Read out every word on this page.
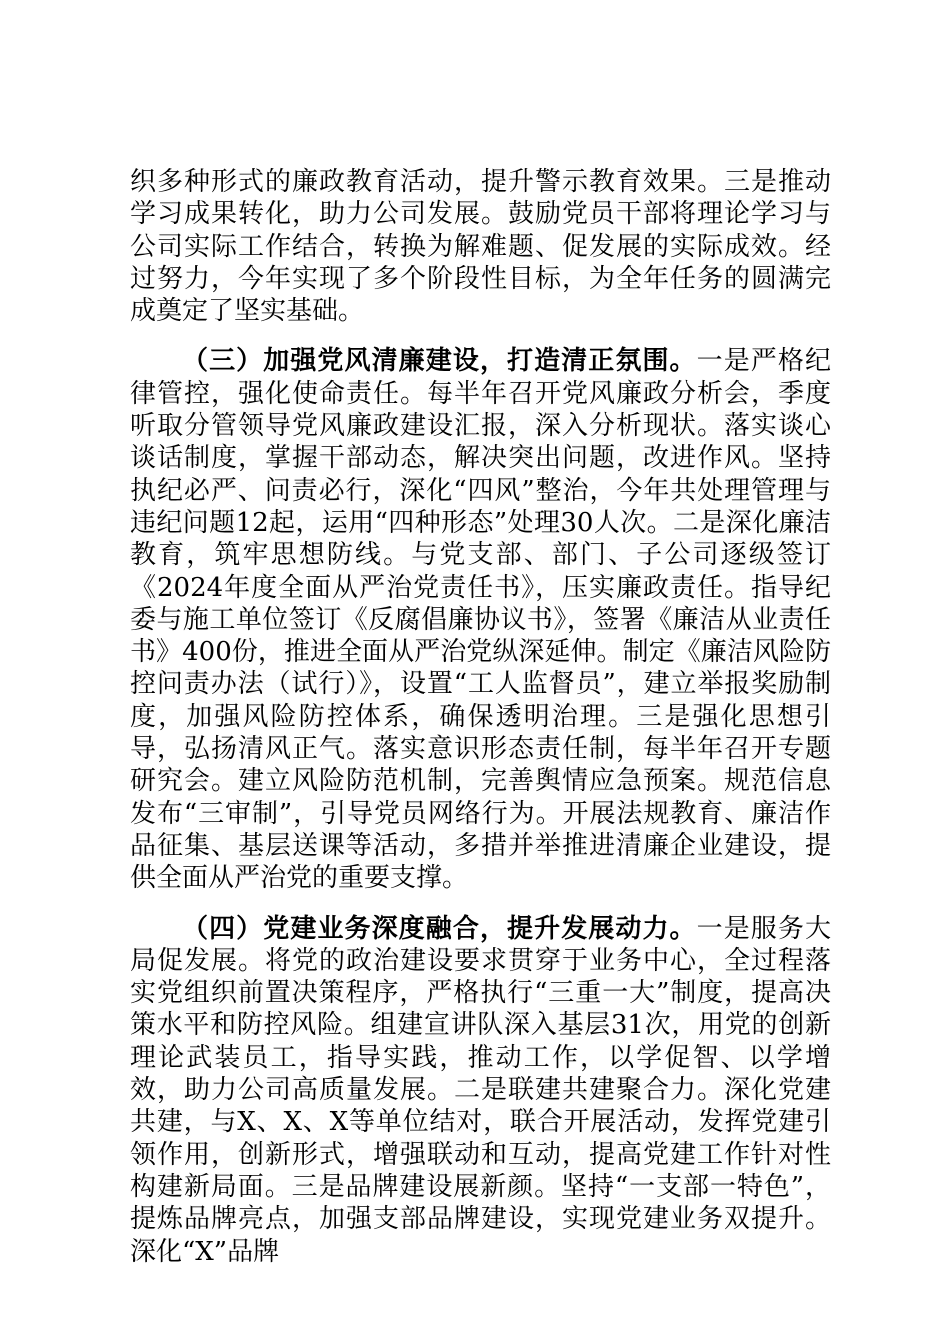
织多种形式的廉政教育活动，提升警示教育效果。三是推动学习成果转化，助力公司发展。鼓励党员干部将理论学习与公司实际工作结合，转换为解难题、促发展的实际成效。经过努力，今年实现了多个阶段性目标，为全年任务的圆满完成奠定了坚实基础。

（三）加强党风清廉建设，打造清正氛围。一是严格纪律管控，强化使命责任。每半年召开党风廉政分析会，季度听取分管领导党风廉政建设汇报，深入分析现状。落实谈心谈话制度，掌握干部动态，解决突出问题，改进作风。坚持执纪必严、问责必行，深化“四风”整治，今年共处理管理与违纪问题12起，运用“四种形态”处理30人次。二是深化廉洁教育，筑牢思想防线。与党支部、部门、子公司逐级签订《2024年度全面从严治党责任书》，压实廉政责任。指导纪委与施工单位签订《反腐倡廉协议书》，签署《廉洁从业责任书》400份，推进全面从严治党纵深延伸。制定《廉洁风险防控问责办法（试行）》，设置“工人监督员”，建立举报奖励制度，加强风险防控体系，确保透明治理。三是强化思想引导，弘扬清风正气。落实意识形态责任制，每半年召开专题研究会。建立风险防范机制，完善舆情应急预案。规范信息发布“三审制”，引导党员网络行为。开展法规教育、廉洁作品征集、基层送课等活动，多措并举推进清廉企业建设，提供全面从严治党的重要支撑。

（四）党建业务深度融合，提升发展动力。一是服务大局促发展。将党的政治建设要求贯穿于业务中心，全过程落实党组织前置决策程序，严格执行“三重一大”制度，提高决策水平和防控风险。组建宣讲队深入基层31次，用党的创新理论武装员工，指导实践，推动工作，以学促智、以学增效，助力公司高质量发展。二是联建共建聚合力。深化党建共建，与X、X、X等单位结对，联合开展活动，发挥党建引领作用，创新形式，增强联动和互动，提高党建工作针对性构建新局面。三是品牌建设展新颜。坚持“一支部一特色”，提炼品牌亮点，加强支部品牌建设，实现党建业务双提升。深化“X”品牌
